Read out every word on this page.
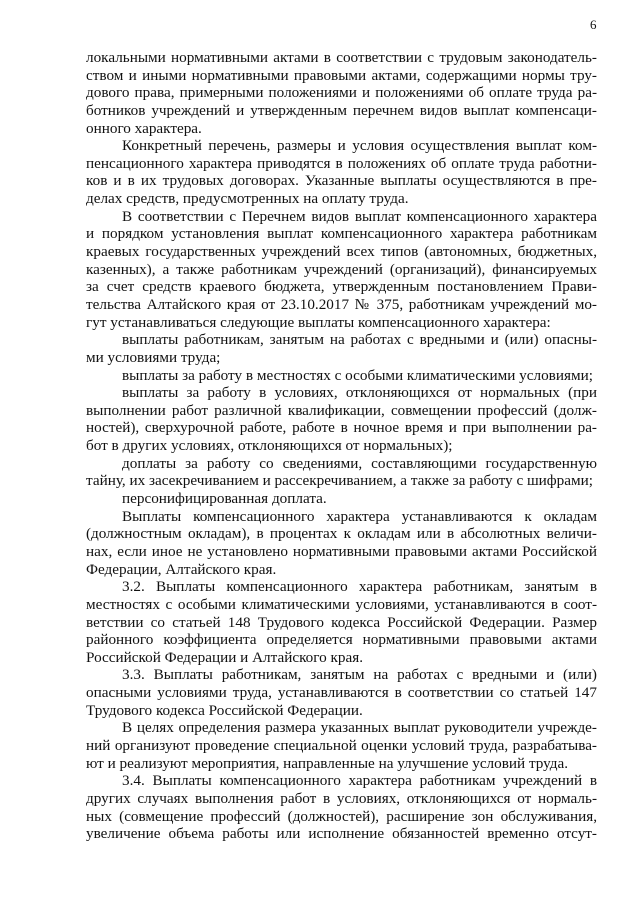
6
локальными нормативными актами в соответствии с трудовым законодатель-
ством и иными нормативными правовыми актами, содержащими нормы тру-
дового права, примерными положениями и положениями об оплате труда ра-
ботников учреждений и утвержденным перечнем видов выплат компенсаци-
онного характера.
Конкретный перечень, размеры и условия осуществления выплат ком-
пенсационного характера приводятся в положениях об оплате труда работни-
ков и в их трудовых договорах. Указанные выплаты осуществляются в пре-
делах средств, предусмотренных на оплату труда.
В соответствии с Перечнем видов выплат компенсационного характера
и порядком установления выплат компенсационного характера работникам
краевых государственных учреждений всех типов (автономных, бюджетных,
казенных), а также работникам учреждений (организаций), финансируемых
за счет средств краевого бюджета, утвержденным постановлением Прави-
тельства Алтайского края от 23.10.2017 № 375, работникам учреждений мо-
гут устанавливаться следующие выплаты компенсационного характера:
выплаты работникам, занятым на работах с вредными и (или) опасны-
ми условиями труда;
выплаты за работу в местностях с особыми климатическими условиями;
выплаты за работу в условиях, отклоняющихся от нормальных (при
выполнении работ различной квалификации, совмещении профессий (долж-
ностей), сверхурочной работе, работе в ночное время и при выполнении ра-
бот в других условиях, отклоняющихся от нормальных);
доплаты за работу со сведениями, составляющими государственную
тайну, их засекречиванием и рассекречиванием, а также за работу с шифрами;
персонифицированная доплата.
Выплаты компенсационного характера устанавливаются к окладам
(должностным окладам), в процентах к окладам или в абсолютных величи-
нах, если иное не установлено нормативными правовыми актами Российской
Федерации, Алтайского края.
3.2. Выплаты компенсационного характера работникам, занятым в
местностях с особыми климатическими условиями, устанавливаются в соот-
ветствии со статьей 148 Трудового кодекса Российской Федерации. Размер
районного коэффициента определяется нормативными правовыми актами
Российской Федерации и Алтайского края.
3.3. Выплаты работникам, занятым на работах с вредными и (или)
опасными условиями труда, устанавливаются в соответствии со статьей 147
Трудового кодекса Российской Федерации.
В целях определения размера указанных выплат руководители учрежде-
ний организуют проведение специальной оценки условий труда, разрабатыва-
ют и реализуют мероприятия, направленные на улучшение условий труда.
3.4. Выплаты компенсационного характера работникам учреждений в
других случаях выполнения работ в условиях, отклоняющихся от нормаль-
ных (совмещение профессий (должностей), расширение зон обслуживания,
увеличение объема работы или исполнение обязанностей временно отсут-
